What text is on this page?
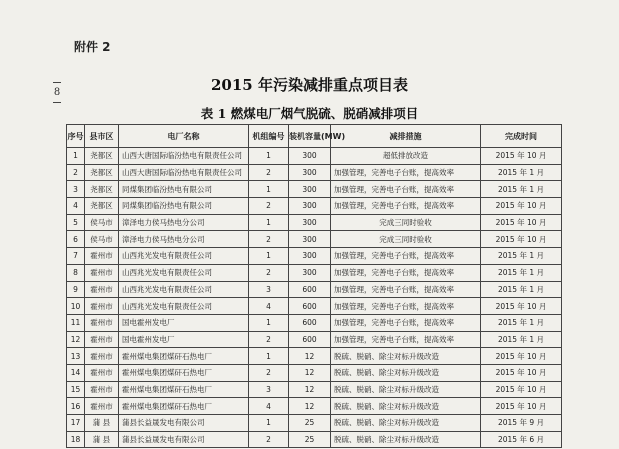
附件 2
8	2015 年污染减排重点项目表
表 1 燃煤电厂烟气脱硫、脱硝减排项目
序号	县市区	电厂名称	机组编号	装机容量(MW)	减排措施	完成时间
1	尧都区	山西大唐国际临汾热电有限责任公司	1	300	超低排放改造	2015 年 10 月
2	尧都区	山西大唐国际临汾热电有限责任公司	2	300	加强管理，完善电子台账，提高效率	2015 年 1 月
3	尧都区	同煤集团临汾热电有限公司	1	300	加强管理，完善电子台账，提高效率	2015 年 1 月
4	尧都区	同煤集团临汾热电有限公司	2	300	加强管理，完善电子台账，提高效率	2015 年 10 月
5	侯马市	漳泽电力侯马热电分公司	1	300	完成三同时验收	2015 年 10 月
6	侯马市	漳泽电力侯马热电分公司	2	300	完成三同时验收	2015 年 10 月
7	霍州市	山西兆光发电有限责任公司	1	300	加强管理，完善电子台账，提高效率	2015 年 1 月
8	霍州市	山西兆光发电有限责任公司	2	300	加强管理，完善电子台账，提高效率	2015 年 1 月
9	霍州市	山西兆光发电有限责任公司	3	600	加强管理，完善电子台账，提高效率	2015 年 1 月
10	霍州市	山西兆光发电有限责任公司	4	600	加强管理，完善电子台账，提高效率	2015 年 10 月
11	霍州市	国电霍州发电厂	1	600	加强管理，完善电子台账，提高效率	2015 年 1 月
12	霍州市	国电霍州发电厂	2	600	加强管理，完善电子台账，提高效率	2015 年 1 月
13	霍州市	霍州煤电集团煤矸石热电厂	1	12	脱硫、脱硝、除尘对标升级改造	2015 年 10 月
14	霍州市	霍州煤电集团煤矸石热电厂	2	12	脱硫、脱硝、除尘对标升级改造	2015 年 10 月
15	霍州市	霍州煤电集团煤矸石热电厂	3	12	脱硫、脱硝、除尘对标升级改造	2015 年 10 月
16	霍州市	霍州煤电集团煤矸石热电厂	4	12	脱硫、脱硝、除尘对标升级改造	2015 年 10 月
17	蒲 县	蒲县长益晟发电有限公司	1	25	脱硫、脱硝、除尘对标升级改造	2015 年 9 月
18	蒲 县	蒲县长益晟发电有限公司	2	25	脱硫、脱硝、除尘对标升级改造	2015 年 6 月
